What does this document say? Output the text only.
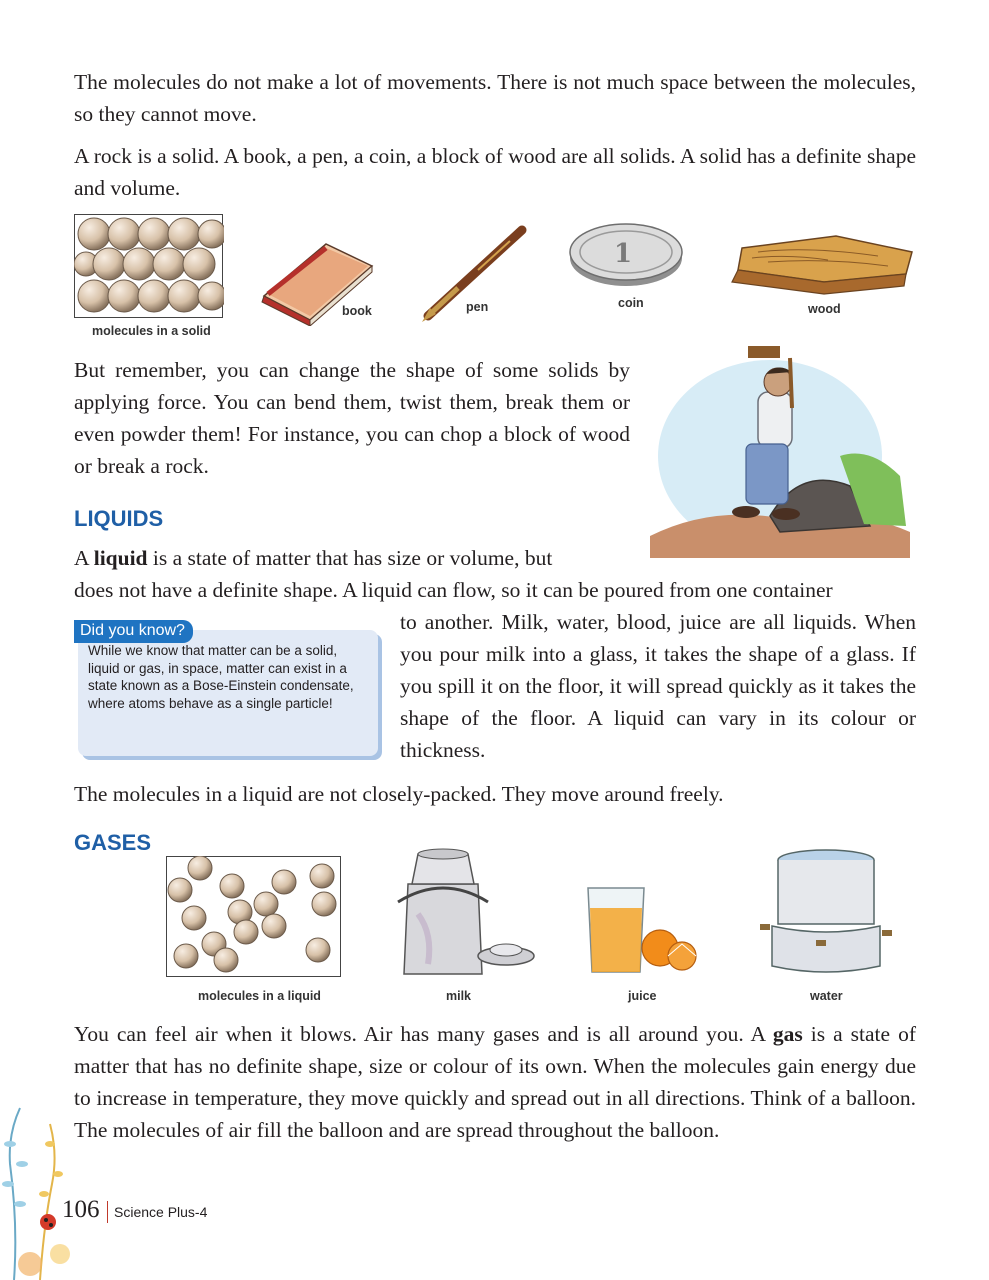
The molecules do not make a lot of movements. There is not much space between the molecules, so they cannot move.

A rock is a solid. A book, a pen, a coin, a block of wood are all solids. A solid has a definite shape and volume.

molecules in a solid
book	pen
1
coin	wood

But remember, you can change the shape of some solids by applying force. You can bend them, twist them, break them or even powder them! For instance, you can chop a block of wood or break a rock.

LIQUIDS

A liquid is a state of matter that has size or volume, but

does not have a definite shape. A liquid can flow, so it can be poured from one container

Did you know?

While we know that matter can be a solid, liquid or gas, in space, matter can exist in a state known as a Bose-Einstein condensate, where atoms behave as a single particle!

to another. Milk, water, blood, juice are all liquids. When you pour milk into a glass, it takes the shape of a glass. If you spill it on the floor, it will spread quickly as it takes the shape of the floor. A liquid can vary in its colour or thickness.

The molecules in a liquid are not closely-packed. They move around freely.

GASES
molecules in a liquid	milk	juice	water

You can feel air when it blows. Air has many gases and is all around you. A gas is a state of matter that has no definite shape, size or colour of its own. When the molecules gain energy due to increase in temperature, they move quickly and spread out in all directions. Think of a balloon. The molecules of air fill the balloon and are spread throughout the balloon.

106 Science Plus-4
